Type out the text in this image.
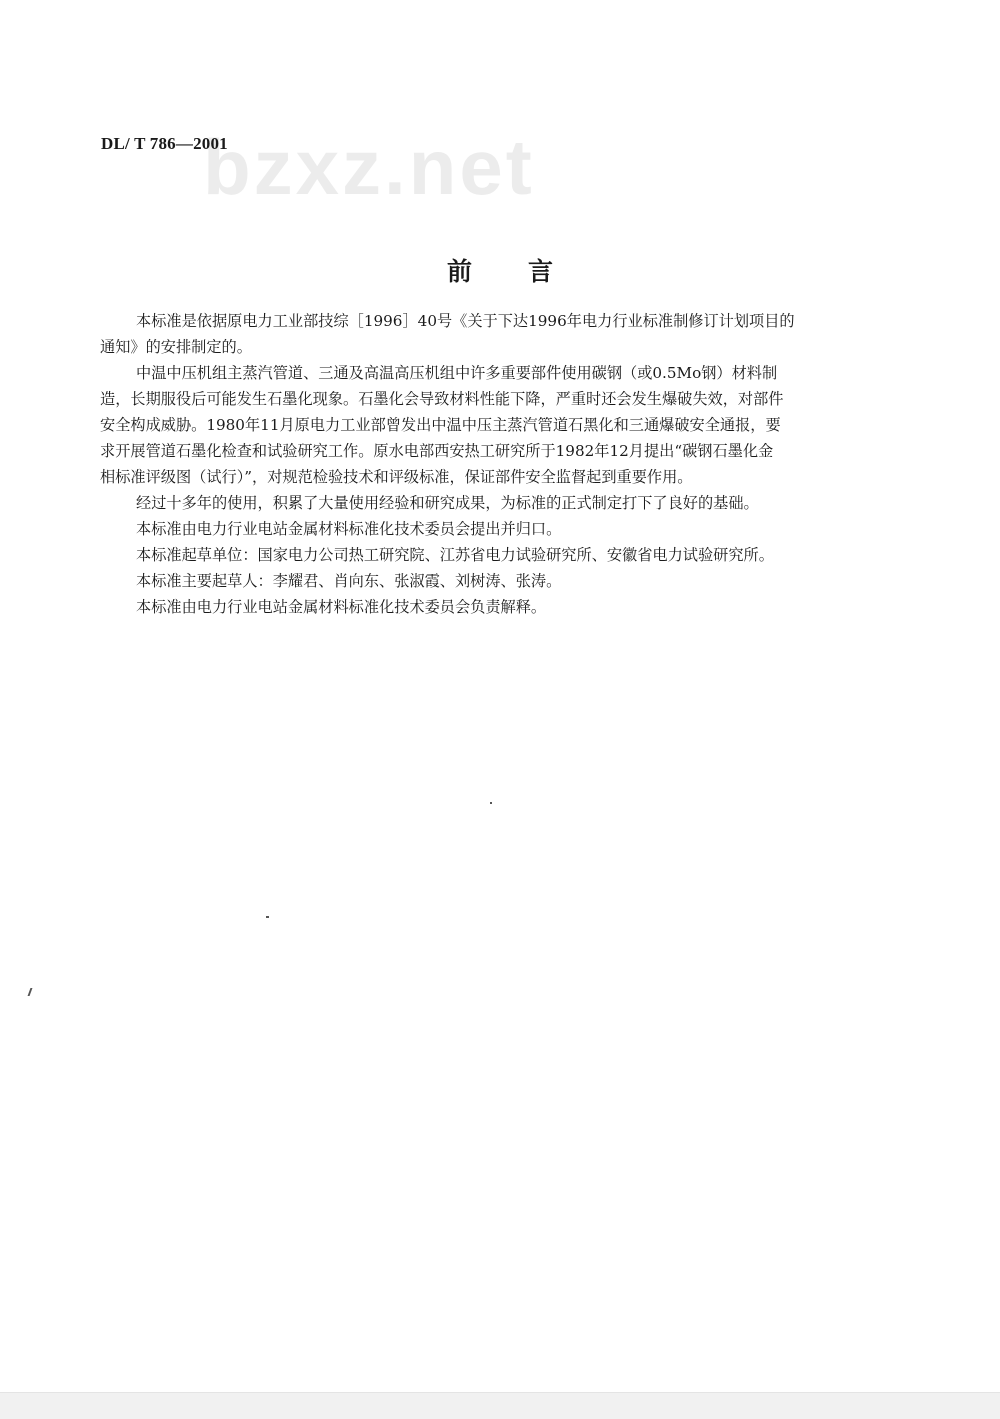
bzxz.net
DL/ T 786—2001
前言
本标准是依据原电力工业部技综［1996］40号《关于下达1996年电力行业标准制修订计划项目的
通知》的安排制定的。
中温中压机组主蒸汽管道、三通及高温高压机组中许多重要部件使用碳钢（或0.5Mo钢）材料制
造，长期服役后可能发生石墨化现象。石墨化会导致材料性能下降，严重时还会发生爆破失效，对部件
安全构成威胁。1980年11月原电力工业部曾发出中温中压主蒸汽管道石黑化和三通爆破安全通报，要
求开展管道石墨化检查和试验研究工作。原水电部西安热工研究所于1982年12月提出“碳钢石墨化金
相标准评级图（试行）”，对规范检验技术和评级标准，保证部件安全监督起到重要作用。
经过十多年的使用，积累了大量使用经验和研究成果，为标准的正式制定打下了良好的基础。
本标准由电力行业电站金属材料标准化技术委员会提出并归口。
本标准起草单位：国家电力公司热工研究院、江苏省电力试验研究所、安徽省电力试验研究所。
本标准主要起草人：李耀君、肖向东、张淑霞、刘树涛、张涛。
本标准由电力行业电站金属材料标准化技术委员会负责解释。
